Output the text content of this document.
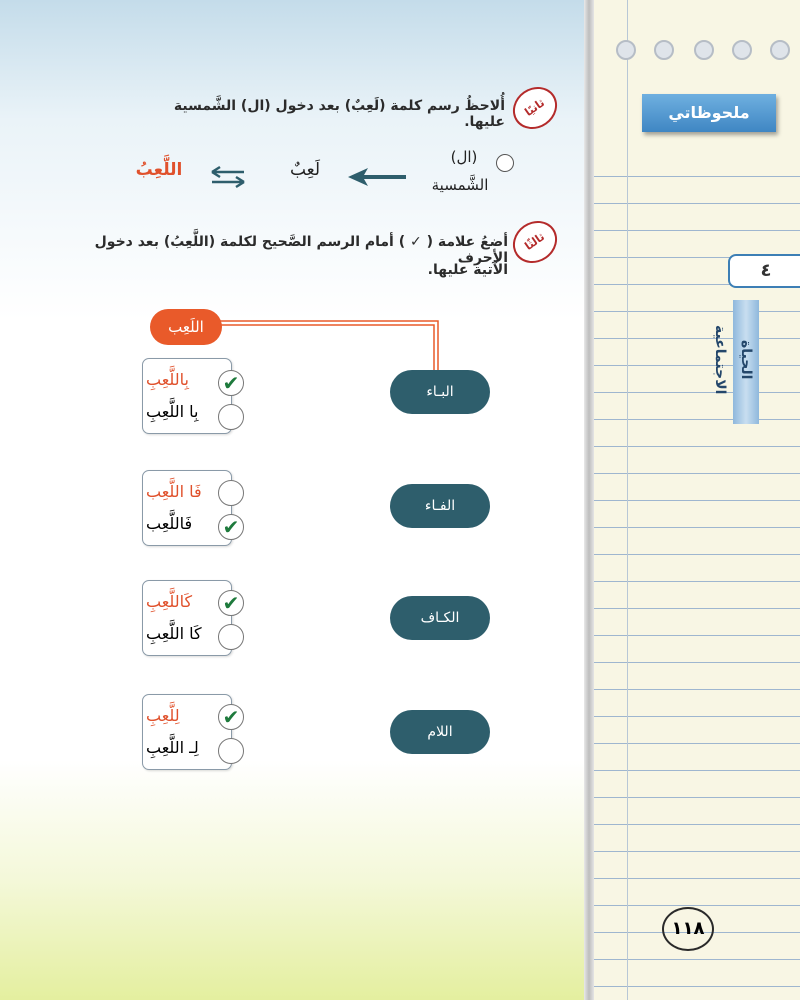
ملحوظاتي
٤
الحياة الاجتماعية
١١٨
ثانيًا
أُلاحظُ رسم كلمة (لَعِبٌ) بعد دخول (ال) الشَّمسية عليها.
(ال)
الشَّمسية
لَعِبٌ
اللَّعِبُ
ثالثًا
أضعُ علامة ( ✓ ) أمام الرسم الصَّحيح لكلمة (اللَّعِبُ) بعد دخول الأحرف
الآتية عليها.
اللَعِب
البـاء
بِاللَّعِبِ
بِا اللَّعِبِ
✔
الفـاء
فَا اللَّعِب
فَاللَّعِب	✔
الكـاف
كَاللَّعِبِ
كَا اللَّعِبِ
✔
اللام
لِلَّعِبِ
لِـ اللَّعِبِ
✔
